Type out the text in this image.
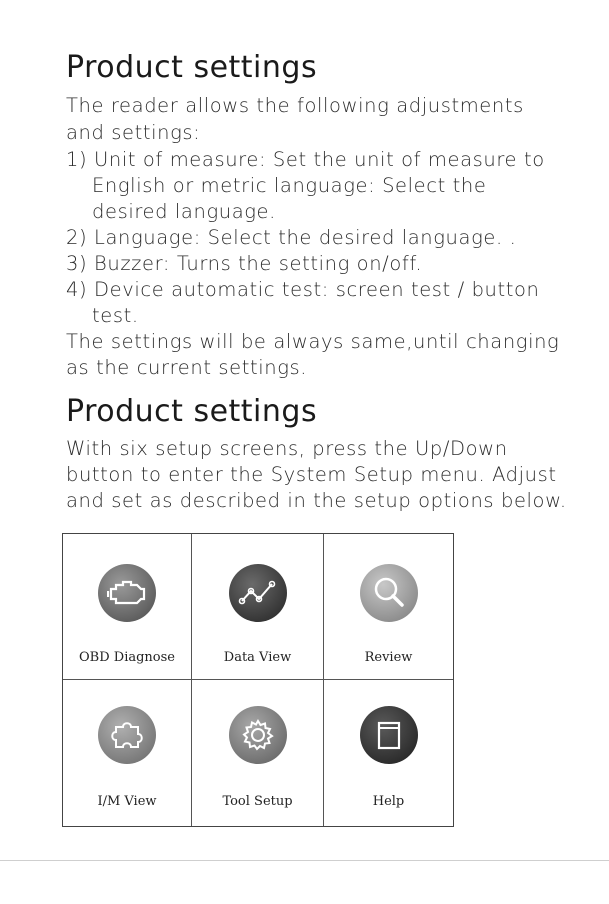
Product settings

The reader allows the following adjustments

and settings:

1) Unit of measure: Set the unit of measure to

English or metric language: Select the

desired language.

2) Language: Select the desired language. .

3) Buzzer: Turns the setting on/off.

4) Device automatic test: screen test / button

test.

The settings will be always same,until changing

as the current settings.

Product settings

With six setup screens, press the Up/Down

button to enter the System Setup menu. Adjust

and set as described in the setup options below.

OBD Diagnose	Data View	Review
I/M View	Tool Setup	Help
